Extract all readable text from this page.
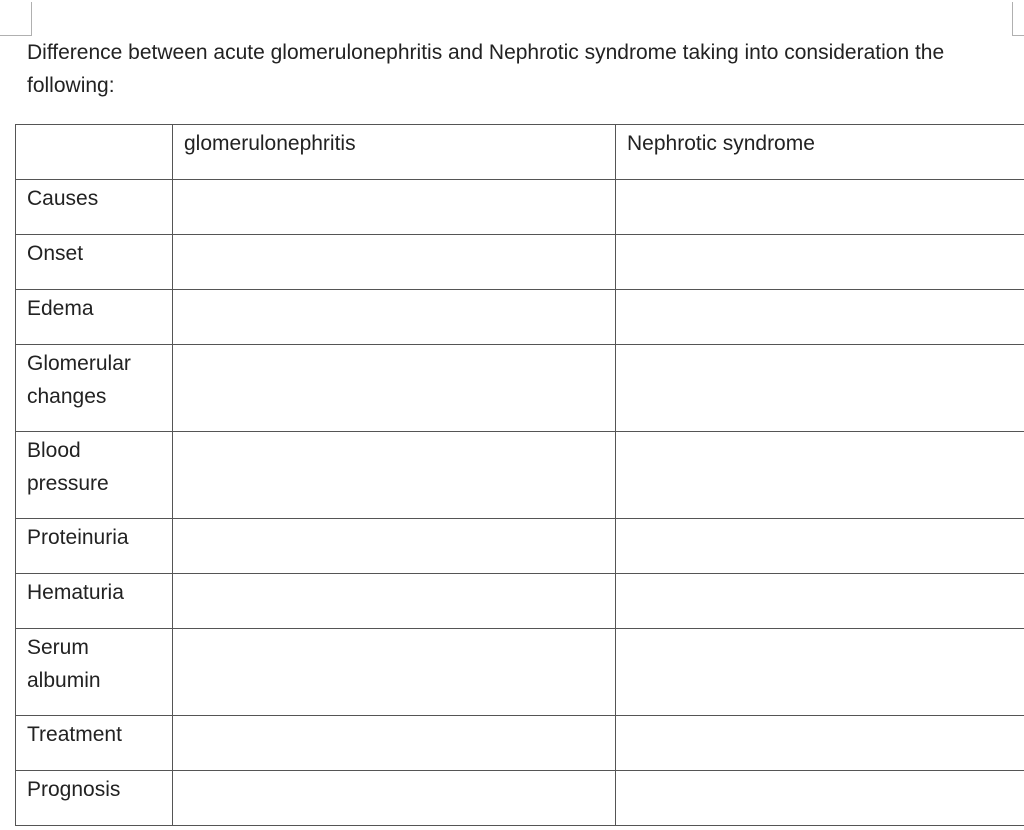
Difference between acute glomerulonephritis and Nephrotic syndrome taking into consideration the following:

	glomerulonephritis	Nephrotic syndrome
Causes		
Onset		
Edema		
Glomerular changes		
Blood pressure		
Proteinuria		
Hematuria		
Serum albumin		
Treatment		
Prognosis		
